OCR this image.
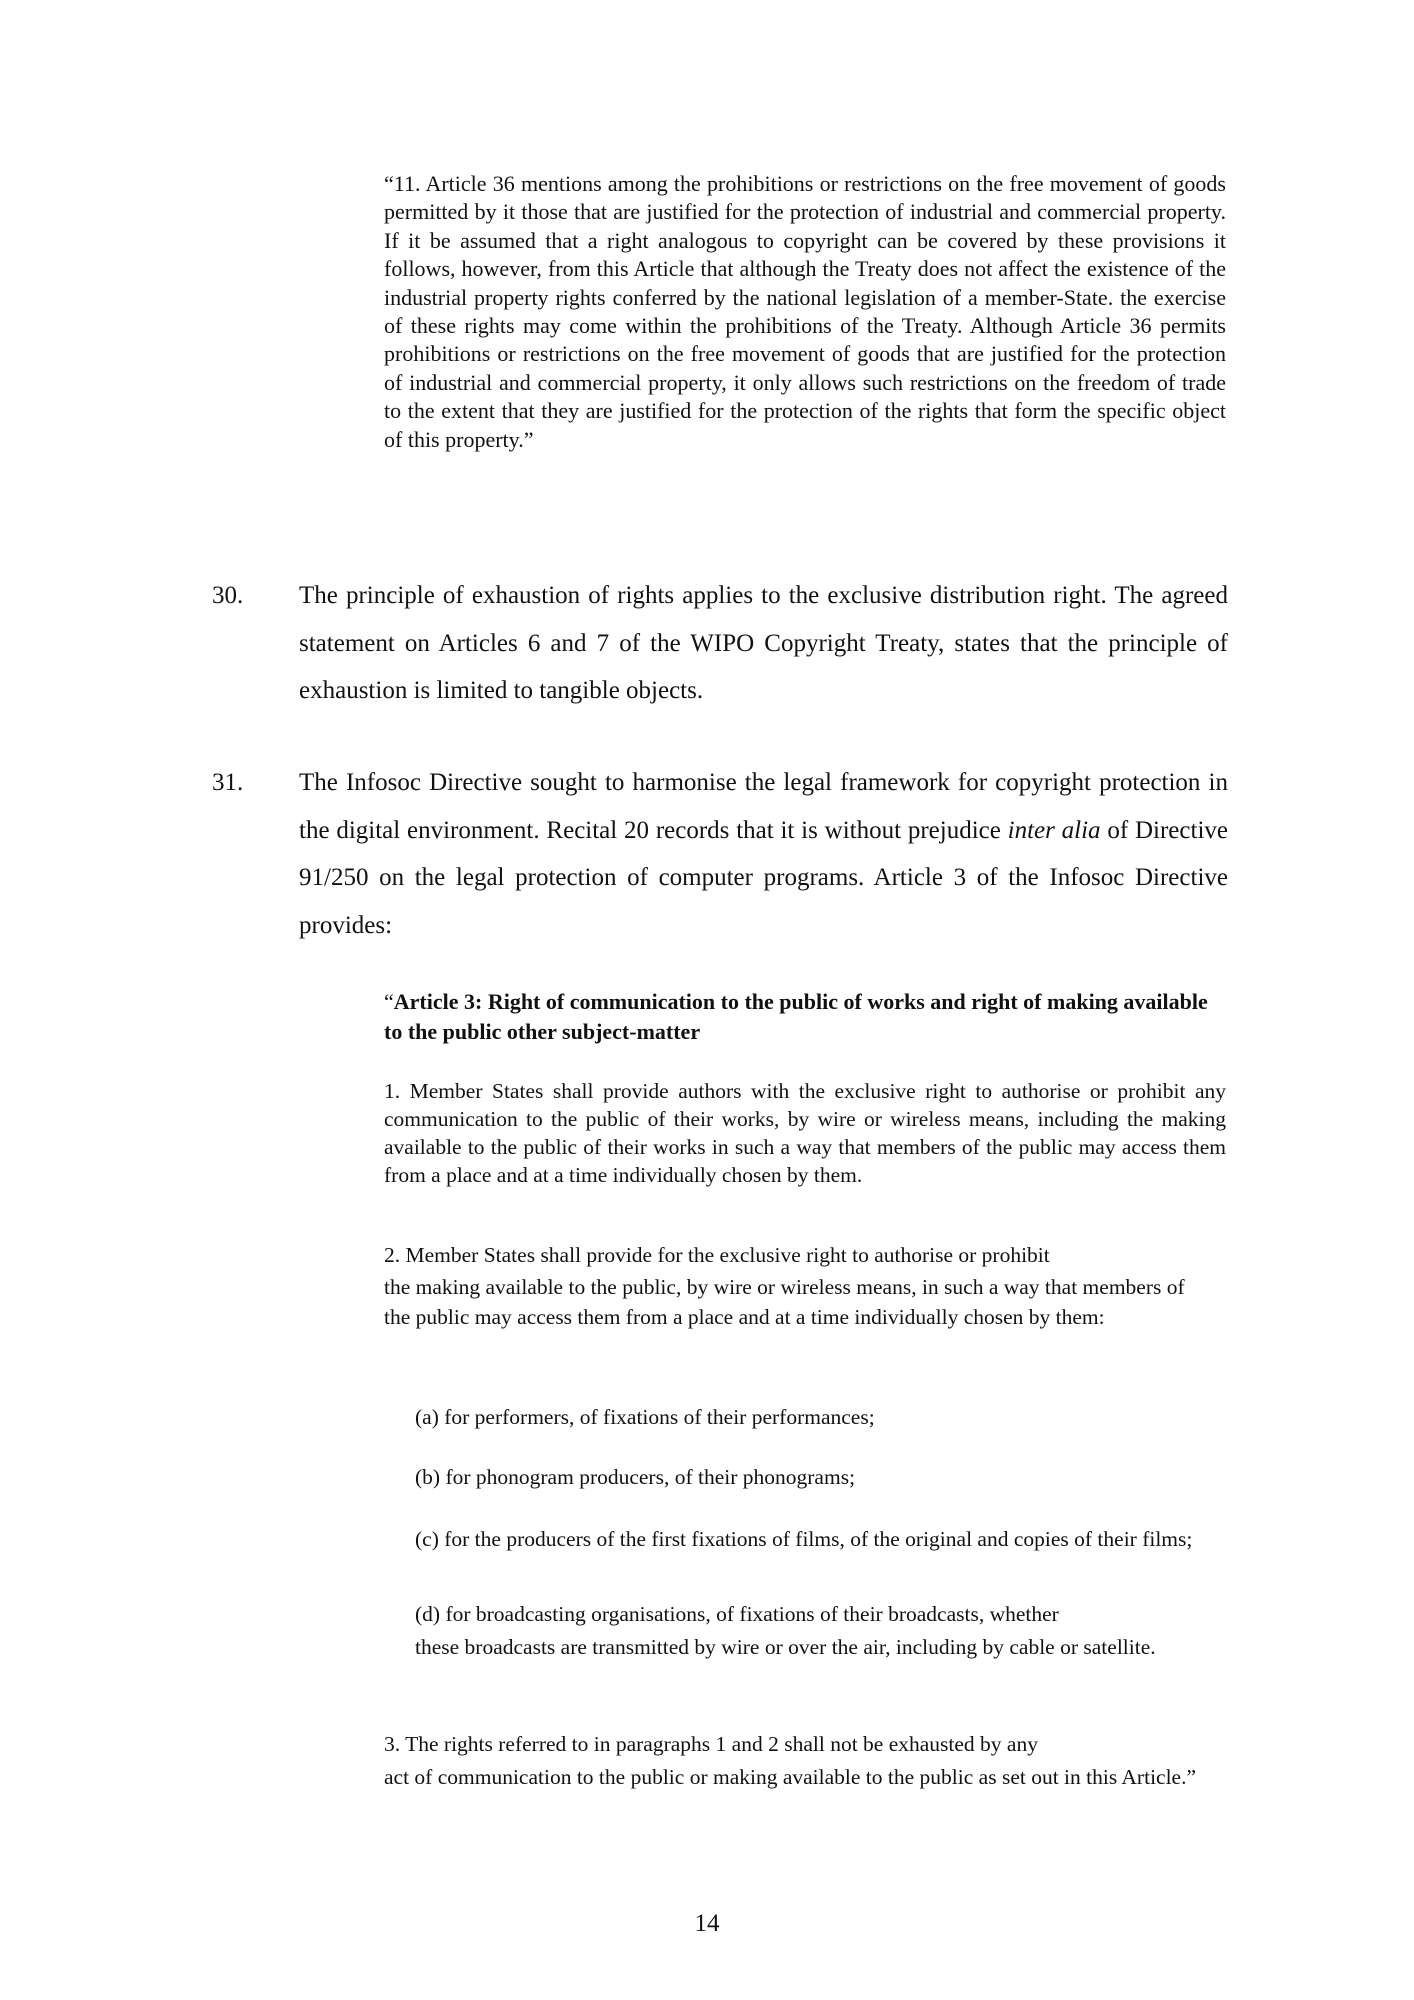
“11. Article 36 mentions among the prohibitions or restrictions on the free movement of goods permitted by it those that are justified for the protection of industrial and commercial property. If it be assumed that a right analogous to copyright can be covered by these provisions it follows, however, from this Article that although the Treaty does not affect the existence of the industrial property rights conferred by the national legislation of a member-State. the exercise of these rights may come within the prohibitions of the Treaty. Although Article 36 permits prohibitions or restrictions on the free movement of goods that are justified for the protection of industrial and commercial property, it only allows such restrictions on the freedom of trade to the extent that they are justified for the protection of the rights that form the specific object of this property.”
30. The principle of exhaustion of rights applies to the exclusive distribution right. The agreed statement on Articles 6 and 7 of the WIPO Copyright Treaty, states that the principle of exhaustion is limited to tangible objects.
31. The Infosoc Directive sought to harmonise the legal framework for copyright protection in the digital environment. Recital 20 records that it is without prejudice inter alia of Directive 91/250 on the legal protection of computer programs. Article 3 of the Infosoc Directive provides:
“Article 3: Right of communication to the public of works and right of making available to the public other subject-matter
1. Member States shall provide authors with the exclusive right to authorise or prohibit any communication to the public of their works, by wire or wireless means, including the making available to the public of their works in such a way that members of the public may access them from a place and at a time individually chosen by them.
2. Member States shall provide for the exclusive right to authorise or prohibit
the making available to the public, by wire or wireless means, in such a way that members of the public may access them from a place and at a time individually chosen by them:
(a) for performers, of fixations of their performances;
(b) for phonogram producers, of their phonograms;
(c) for the producers of the first fixations of films, of the original and copies of their films;
(d) for broadcasting organisations, of fixations of their broadcasts, whether
these broadcasts are transmitted by wire or over the air, including by cable or satellite.
3. The rights referred to in paragraphs 1 and 2 shall not be exhausted by any
act of communication to the public or making available to the public as set out in this Article.”
14
